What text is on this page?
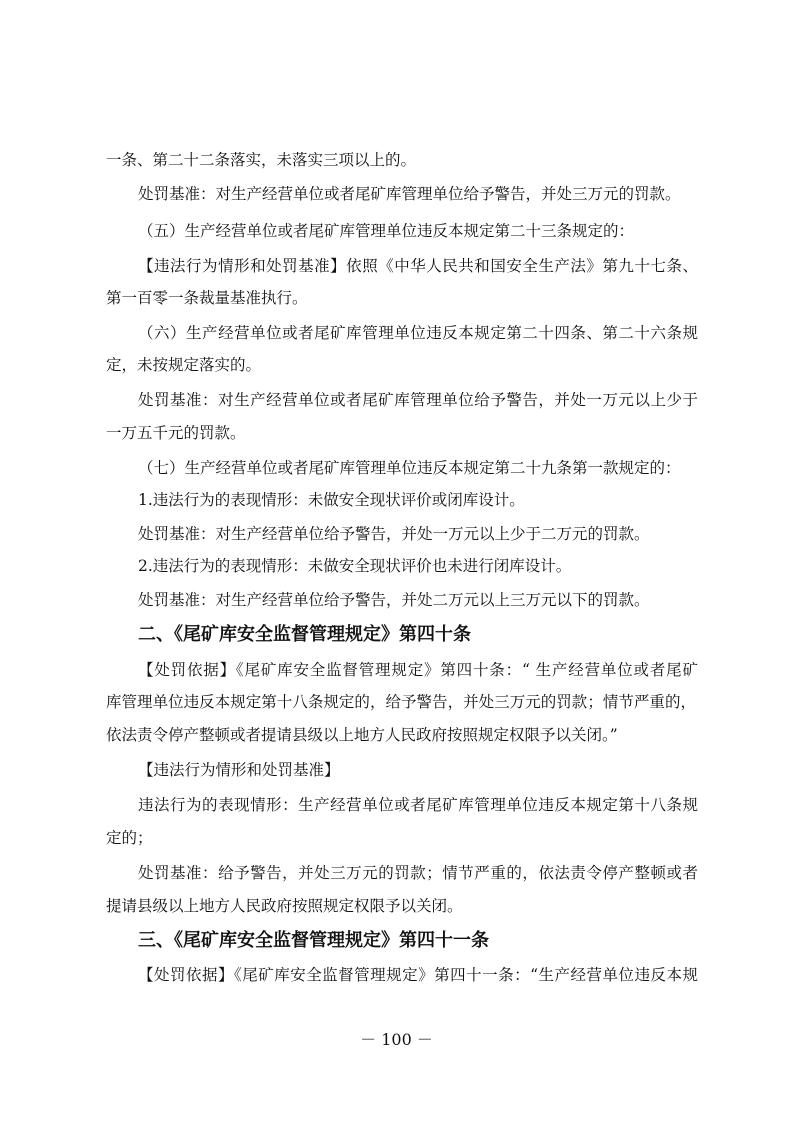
一条、第二十二条落实，未落实三项以上的。
处罚基准：对生产经营单位或者尾矿库管理单位给予警告，并处三万元的罚款。
（五）生产经营单位或者尾矿库管理单位违反本规定第二十三条规定的：
【违法行为情形和处罚基准】依照《中华人民共和国安全生产法》第九十七条、
第一百零一条裁量基准执行。
（六）生产经营单位或者尾矿库管理单位违反本规定第二十四条、第二十六条规
定，未按规定落实的。
处罚基准：对生产经营单位或者尾矿库管理单位给予警告，并处一万元以上少于
一万五千元的罚款。
（七）生产经营单位或者尾矿库管理单位违反本规定第二十九条第一款规定的：
1.违法行为的表现情形：未做安全现状评价或闭库设计。
处罚基准：对生产经营单位给予警告，并处一万元以上少于二万元的罚款。
2.违法行为的表现情形：未做安全现状评价也未进行闭库设计。
处罚基准：对生产经营单位给予警告，并处二万元以上三万元以下的罚款。
二、《尾矿库安全监督管理规定》第四十条
【处罚依据】《尾矿库安全监督管理规定》第四十条：“ 生产经营单位或者尾矿
库管理单位违反本规定第十八条规定的，给予警告，并处三万元的罚款；情节严重的，
依法责令停产整顿或者提请县级以上地方人民政府按照规定权限予以关闭。”
【违法行为情形和处罚基准】
违法行为的表现情形：生产经营单位或者尾矿库管理单位违反本规定第十八条规
定的；
处罚基准：给予警告，并处三万元的罚款；情节严重的，依法责令停产整顿或者
提请县级以上地方人民政府按照规定权限予以关闭。
三、《尾矿库安全监督管理规定》第四十一条
【处罚依据】《尾矿库安全监督管理规定》第四十一条：“生产经营单位违反本规
－ 100 －
